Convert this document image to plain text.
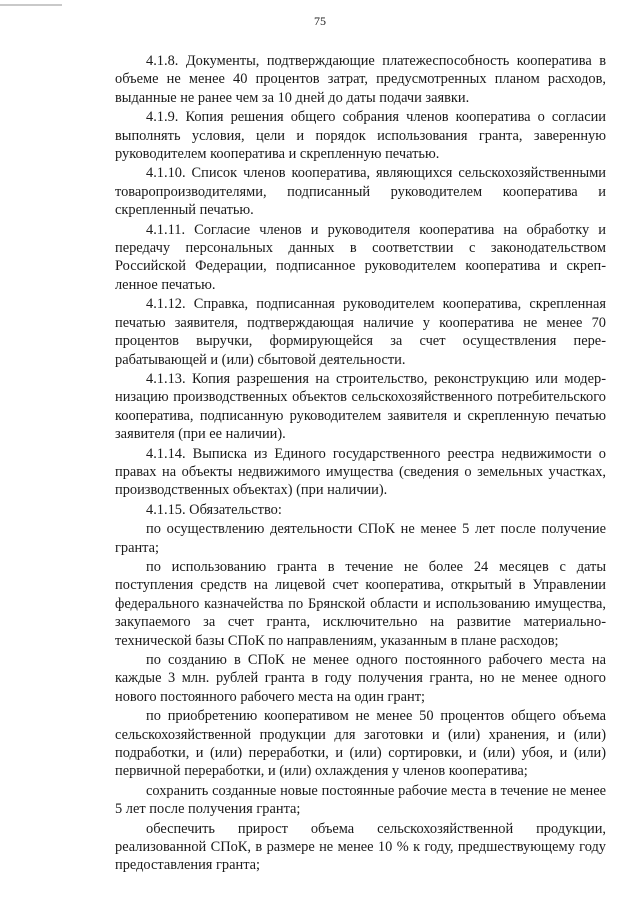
75

4.1.8. Документы, подтверждающие платежеспособность кооператива в объеме не менее 40 процентов затрат, предусмотренных планом расходов, выданные не ранее чем за 10 дней до даты подачи заявки.

4.1.9. Копия решения общего собрания членов кооператива о согласии выполнять условия, цели и порядок использования гранта, заверенную руководителем кооператива и скрепленную печатью.

4.1.10. Список членов кооператива, являющихся сельскохозяйственными товаропроизводителями, подписанный руководителем кооператива и скрепленный печатью.

4.1.11. Согласие членов и руководителя кооператива на обработку и передачу персональных данных в соответствии с законодательством Российской Федерации, подписанное руководителем кооператива и скрепленное печатью.

4.1.12. Справка, подписанная руководителем кооператива, скрепленная печатью заявителя, подтверждающая наличие у кооператива не менее 70 процентов выручки, формирующейся за счет осуществления перерабатывающей и (или) сбытовой деятельности.

4.1.13. Копия разрешения на строительство, реконструкцию или модернизацию производственных объектов сельскохозяйственного потребительского кооператива, подписанную руководителем заявителя и скрепленную печатью заявителя (при ее наличии).

4.1.14. Выписка из Единого государственного реестра недвижимости о правах на объекты недвижимого имущества (сведения о земельных участках, производственных объектах) (при наличии).

4.1.15. Обязательство:

по осуществлению деятельности СПоК не менее 5 лет после получение гранта;

по использованию гранта в течение не более 24 месяцев с даты поступления средств на лицевой счет кооператива, открытый в Управлении федерального казначейства по Брянской области и использованию имущества, закупаемого за счет гранта, исключительно на развитие материально-технической базы СПоК по направлениям, указанным в плане расходов;

по созданию в СПоК не менее одного постоянного рабочего места на каждые 3 млн. рублей гранта в году получения гранта, но не менее одного нового постоянного рабочего места на один грант;

по приобретению кооперативом не менее 50 процентов общего объема сельскохозяйственной продукции для заготовки и (или) хранения, и (или) подработки, и (или) переработки, и (или) сортировки, и (или) убоя, и (или) первичной переработки, и (или) охлаждения у членов кооператива;

сохранить созданные новые постоянные рабочие места в течение не менее 5 лет после получения гранта;

обеспечить прирост объема сельскохозяйственной продукции, реализованной СПоК, в размере не менее 10 % к году, предшествующему году предоставления гранта;
